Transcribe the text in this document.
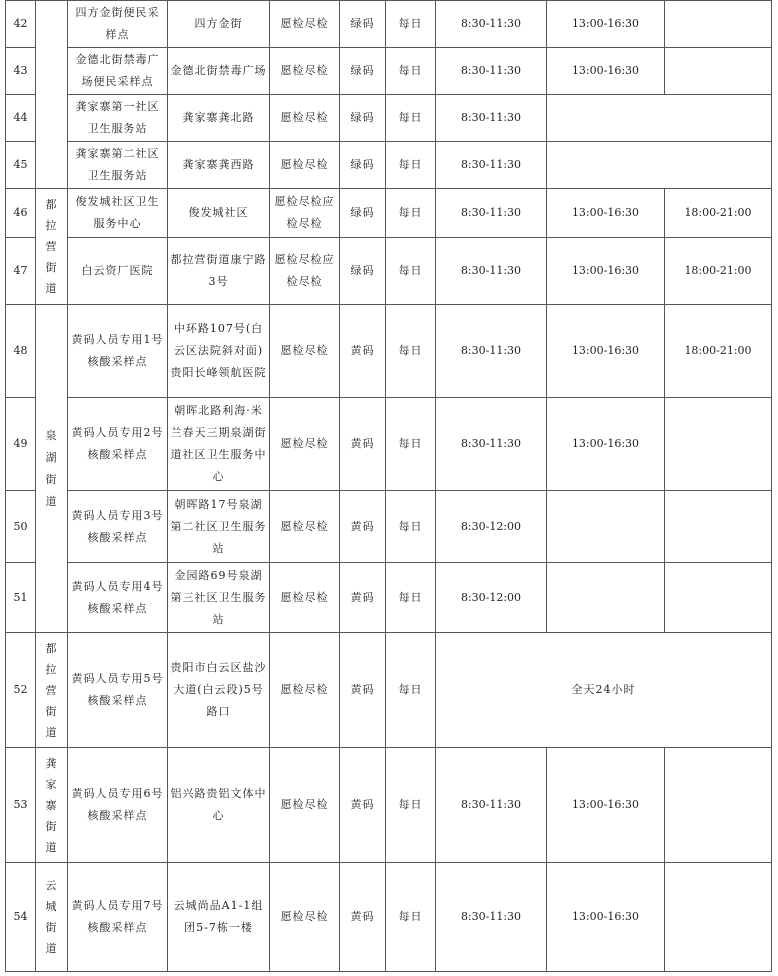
42		四方金街便民采样点	四方金街	愿检尽检	绿码	每日	8:30-11:30	13:00-16:30	
43		金德北街禁毒广场便民采样点	金德北街禁毒广场	愿检尽检	绿码	每日	8:30-11:30	13:00-16:30	
44		龚家寨第一社区卫生服务站	龚家寨龚北路	愿检尽检	绿码	每日	8:30-11:30		
45		龚家寨第二社区卫生服务站	龚家寨龚西路	愿检尽检	绿码	每日	8:30-11:30		
46	都拉营街道	俊发城社区卫生服务中心	俊发城社区	愿检尽检应检尽检	绿码	每日	8:30-11:30	13:00-16:30	18:00-21:00
47		白云资厂医院	都拉营街道康宁路3号	愿检尽检应检尽检	绿码	每日	8:30-11:30	13:00-16:30	18:00-21:00
48	泉湖街道	黄码人员专用1号核酸采样点	中环路107号(白云区法院斜对面)贵阳长峰领航医院	愿检尽检	黄码	每日	8:30-11:30	13:00-16:30	18:00-21:00
49		黄码人员专用2号核酸采样点	朝晖北路利海·米兰春天三期泉湖街道社区卫生服务中心	愿检尽检	黄码	每日	8:30-11:30	13:00-16:30	
50		黄码人员专用3号核酸采样点	朝晖路17号泉湖第二社区卫生服务站	愿检尽检	黄码	每日	8:30-12:00		
51		黄码人员专用4号核酸采样点	金园路69号泉湖第三社区卫生服务站	愿检尽检	黄码	每日	8:30-12:00		
52	都拉营街道	黄码人员专用5号核酸采样点	贵阳市白云区盐沙大道(白云段)5号路口	愿检尽检	黄码	每日	全天24小时		
53	龚家寨街道	黄码人员专用6号核酸采样点	铝兴路贵铝文体中心	愿检尽检	黄码	每日	8:30-11:30	13:00-16:30	
54	云城街道	黄码人员专用7号核酸采样点	云城尚品A1-1组团5-7栋一楼	愿检尽检	黄码	每日	8:30-11:30	13:00-16:30	
